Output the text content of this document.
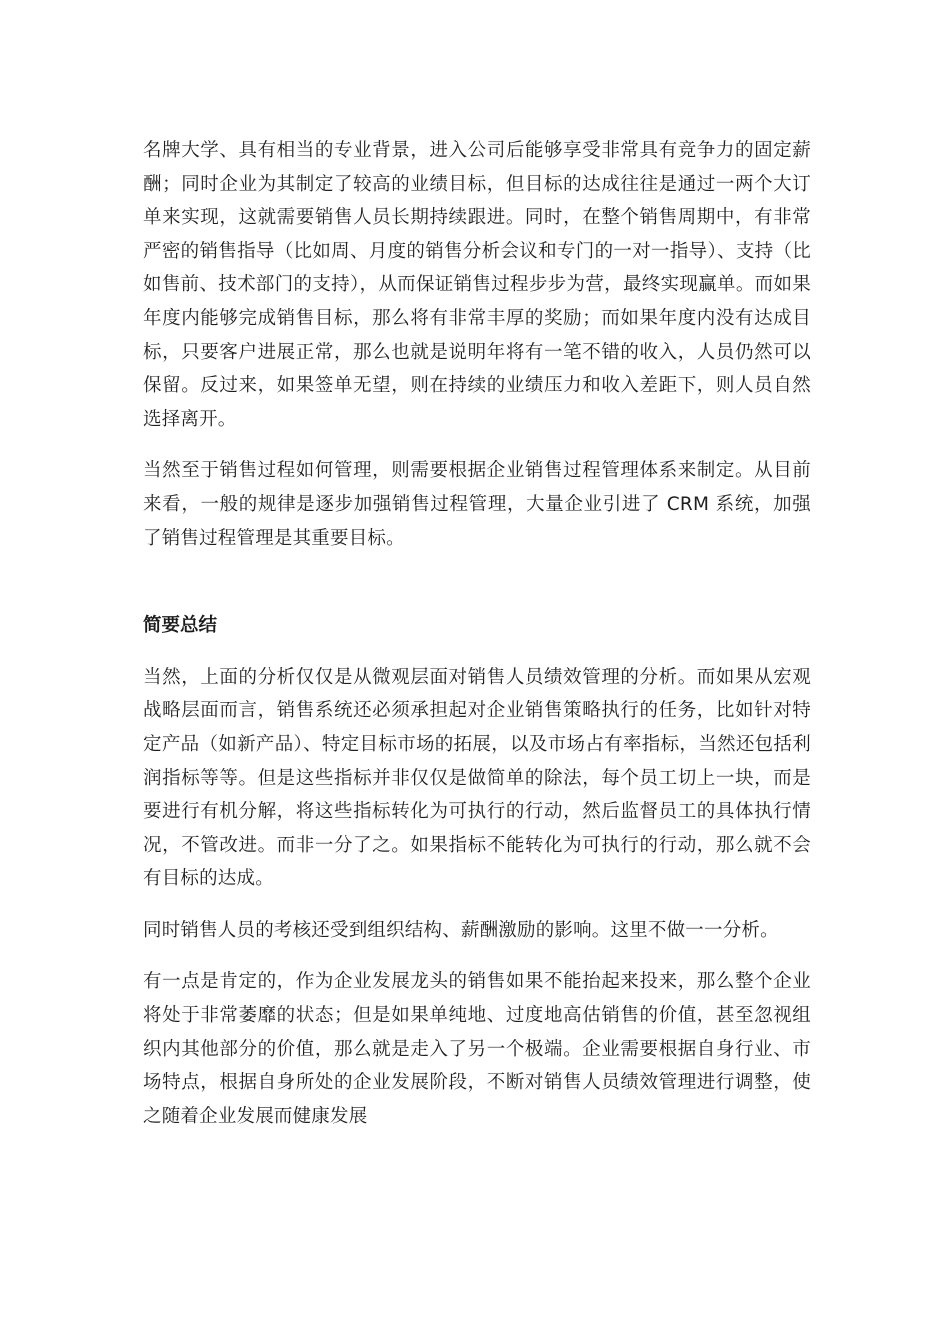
名牌大学、具有相当的专业背景，进入公司后能够享受非常具有竞争力的固定薪酬；同时企业为其制定了较高的业绩目标，但目标的达成往往是通过一两个大订单来实现，这就需要销售人员长期持续跟进。同时，在整个销售周期中，有非常严密的销售指导（比如周、月度的销售分析会议和专门的一对一指导）、支持（比如售前、技术部门的支持），从而保证销售过程步步为营，最终实现赢单。而如果年度内能够完成销售目标，那么将有非常丰厚的奖励；而如果年度内没有达成目标，只要客户进展正常，那么也就是说明年将有一笔不错的收入，人员仍然可以保留。反过来，如果签单无望，则在持续的业绩压力和收入差距下，则人员自然选择离开。

当然至于销售过程如何管理，则需要根据企业销售过程管理体系来制定。从目前来看，一般的规律是逐步加强销售过程管理，大量企业引进了 CRM 系统，加强了销售过程管理是其重要目标。

简要总结

当然，上面的分析仅仅是从微观层面对销售人员绩效管理的分析。而如果从宏观战略层面而言，销售系统还必须承担起对企业销售策略执行的任务，比如针对特定产品（如新产品）、特定目标市场的拓展，以及市场占有率指标，当然还包括利润指标等等。但是这些指标并非仅仅是做简单的除法，每个员工切上一块，而是要进行有机分解，将这些指标转化为可执行的行动，然后监督员工的具体执行情况，不管改进。而非一分了之。如果指标不能转化为可执行的行动，那么就不会有目标的达成。

同时销售人员的考核还受到组织结构、薪酬激励的影响。这里不做一一分析。

有一点是肯定的，作为企业发展龙头的销售如果不能抬起来投来，那么整个企业将处于非常萎靡的状态；但是如果单纯地、过度地高估销售的价值，甚至忽视组织内其他部分的价值，那么就是走入了另一个极端。企业需要根据自身行业、市场特点，根据自身所处的企业发展阶段，不断对销售人员绩效管理进行调整，使之随着企业发展而健康发展
